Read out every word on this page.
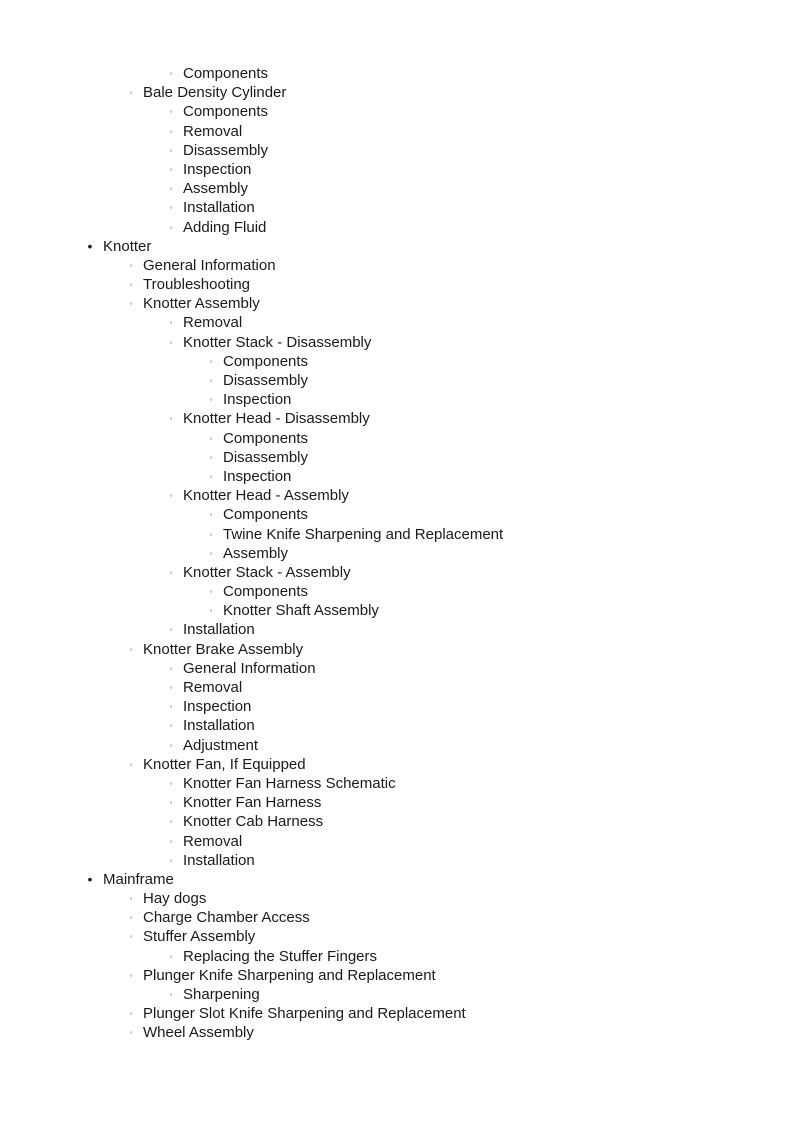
◦ Components
◦ Bale Density Cylinder
◦ Components
◦ Removal
◦ Disassembly
◦ Inspection
◦ Assembly
◦ Installation
◦ Adding Fluid
• Knotter
◦ General Information
◦ Troubleshooting
◦ Knotter Assembly
◦ Removal
◦ Knotter Stack - Disassembly
◦ Components
◦ Disassembly
◦ Inspection
◦ Knotter Head - Disassembly
◦ Components
◦ Disassembly
◦ Inspection
◦ Knotter Head - Assembly
◦ Components
◦ Twine Knife Sharpening and Replacement
◦ Assembly
◦ Knotter Stack - Assembly
◦ Components
◦ Knotter Shaft Assembly
◦ Installation
◦ Knotter Brake Assembly
◦ General Information
◦ Removal
◦ Inspection
◦ Installation
◦ Adjustment
◦ Knotter Fan, If Equipped
◦ Knotter Fan Harness Schematic
◦ Knotter Fan Harness
◦ Knotter Cab Harness
◦ Removal
◦ Installation
• Mainframe
◦ Hay dogs
◦ Charge Chamber Access
◦ Stuffer Assembly
◦ Replacing the Stuffer Fingers
◦ Plunger Knife Sharpening and Replacement
◦ Sharpening
◦ Plunger Slot Knife Sharpening and Replacement
◦ Wheel Assembly
